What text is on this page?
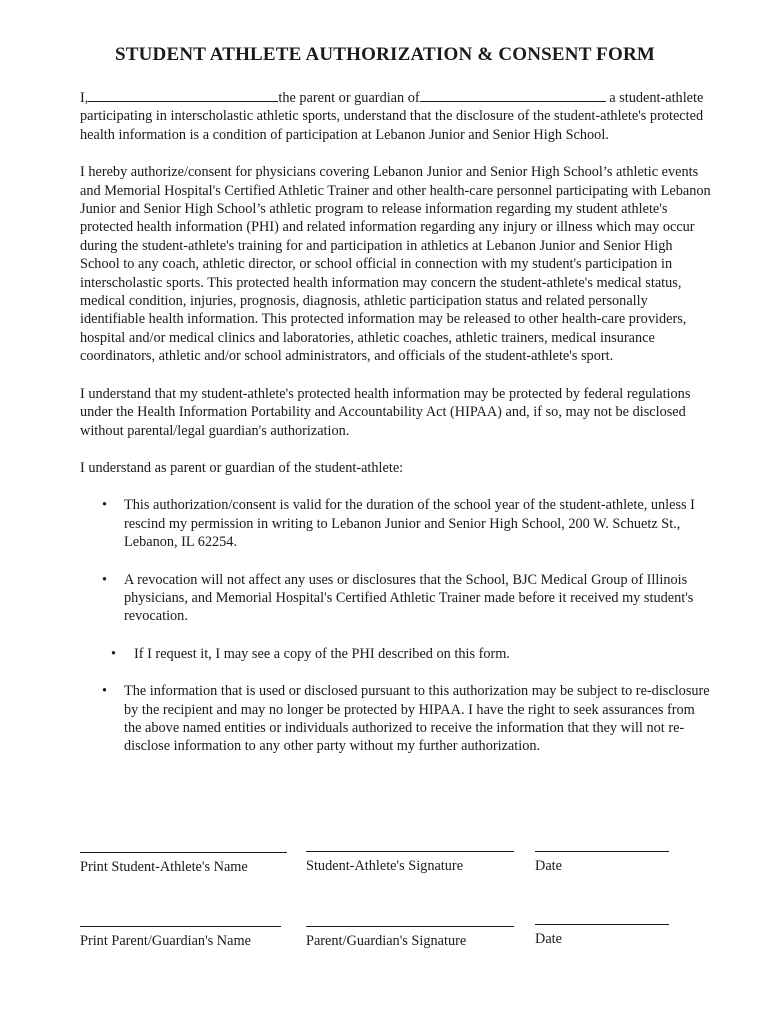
STUDENT ATHLETE AUTHORIZATION & CONSENT FORM

I,	the parent or guardian of	a student-athlete participating in interscholastic athletic sports, understand that the disclosure of the student-athlete's protected health information is a condition of participation at Lebanon Junior and Senior High School.

I hereby authorize/consent for physicians covering Lebanon Junior and Senior High School’s athletic events and Memorial Hospital's Certified Athletic Trainer and other health-care personnel participating with Lebanon Junior and Senior High School’s athletic program to release information regarding my student athlete's protected health information (PHI) and related information regarding any injury or illness which may occur during the student-athlete's training for and participation in athletics at Lebanon Junior and Senior High School to any coach, athletic director, or school official in connection with my student's participation in interscholastic sports. This protected health information may concern the student-athlete's medical status, medical condition, injuries, prognosis, diagnosis, athletic participation status and related personally identifiable health information. This protected information may be released to other health-care providers, hospital and/or medical clinics and laboratories, athletic coaches, athletic trainers, medical insurance coordinators, athletic and/or school administrators, and officials of the student-athlete's sport.

I understand that my student-athlete's protected health information may be protected by federal regulations under the Health Information Portability and Accountability Act (HIPAA) and, if so, may not be disclosed without parental/legal guardian's authorization.

I understand as parent or guardian of the student-athlete:

• This authorization/consent is valid for the duration of the school year of the student-athlete, unless I rescind my permission in writing to Lebanon Junior and Senior High School, 200 W. Schuetz St., Lebanon, IL 62254.
• A revocation will not affect any uses or disclosures that the School, BJC Medical Group of Illinois physicians, and Memorial Hospital's Certified Athletic Trainer made before it received my student's revocation.
• If I request it, I may see a copy of the PHI described on this form.
• The information that is used or disclosed pursuant to this authorization may be subject to re-disclosure by the recipient and may no longer be protected by HIPAA. I have the right to seek assurances from the above named entities or individuals authorized to receive the information that they will not re-disclose information to any other party without my further authorization.
Print Student-Athlete's Name	Student-Athlete's Signature	Date
Print Parent/Guardian's Name	Parent/Guardian's Signature	Date
